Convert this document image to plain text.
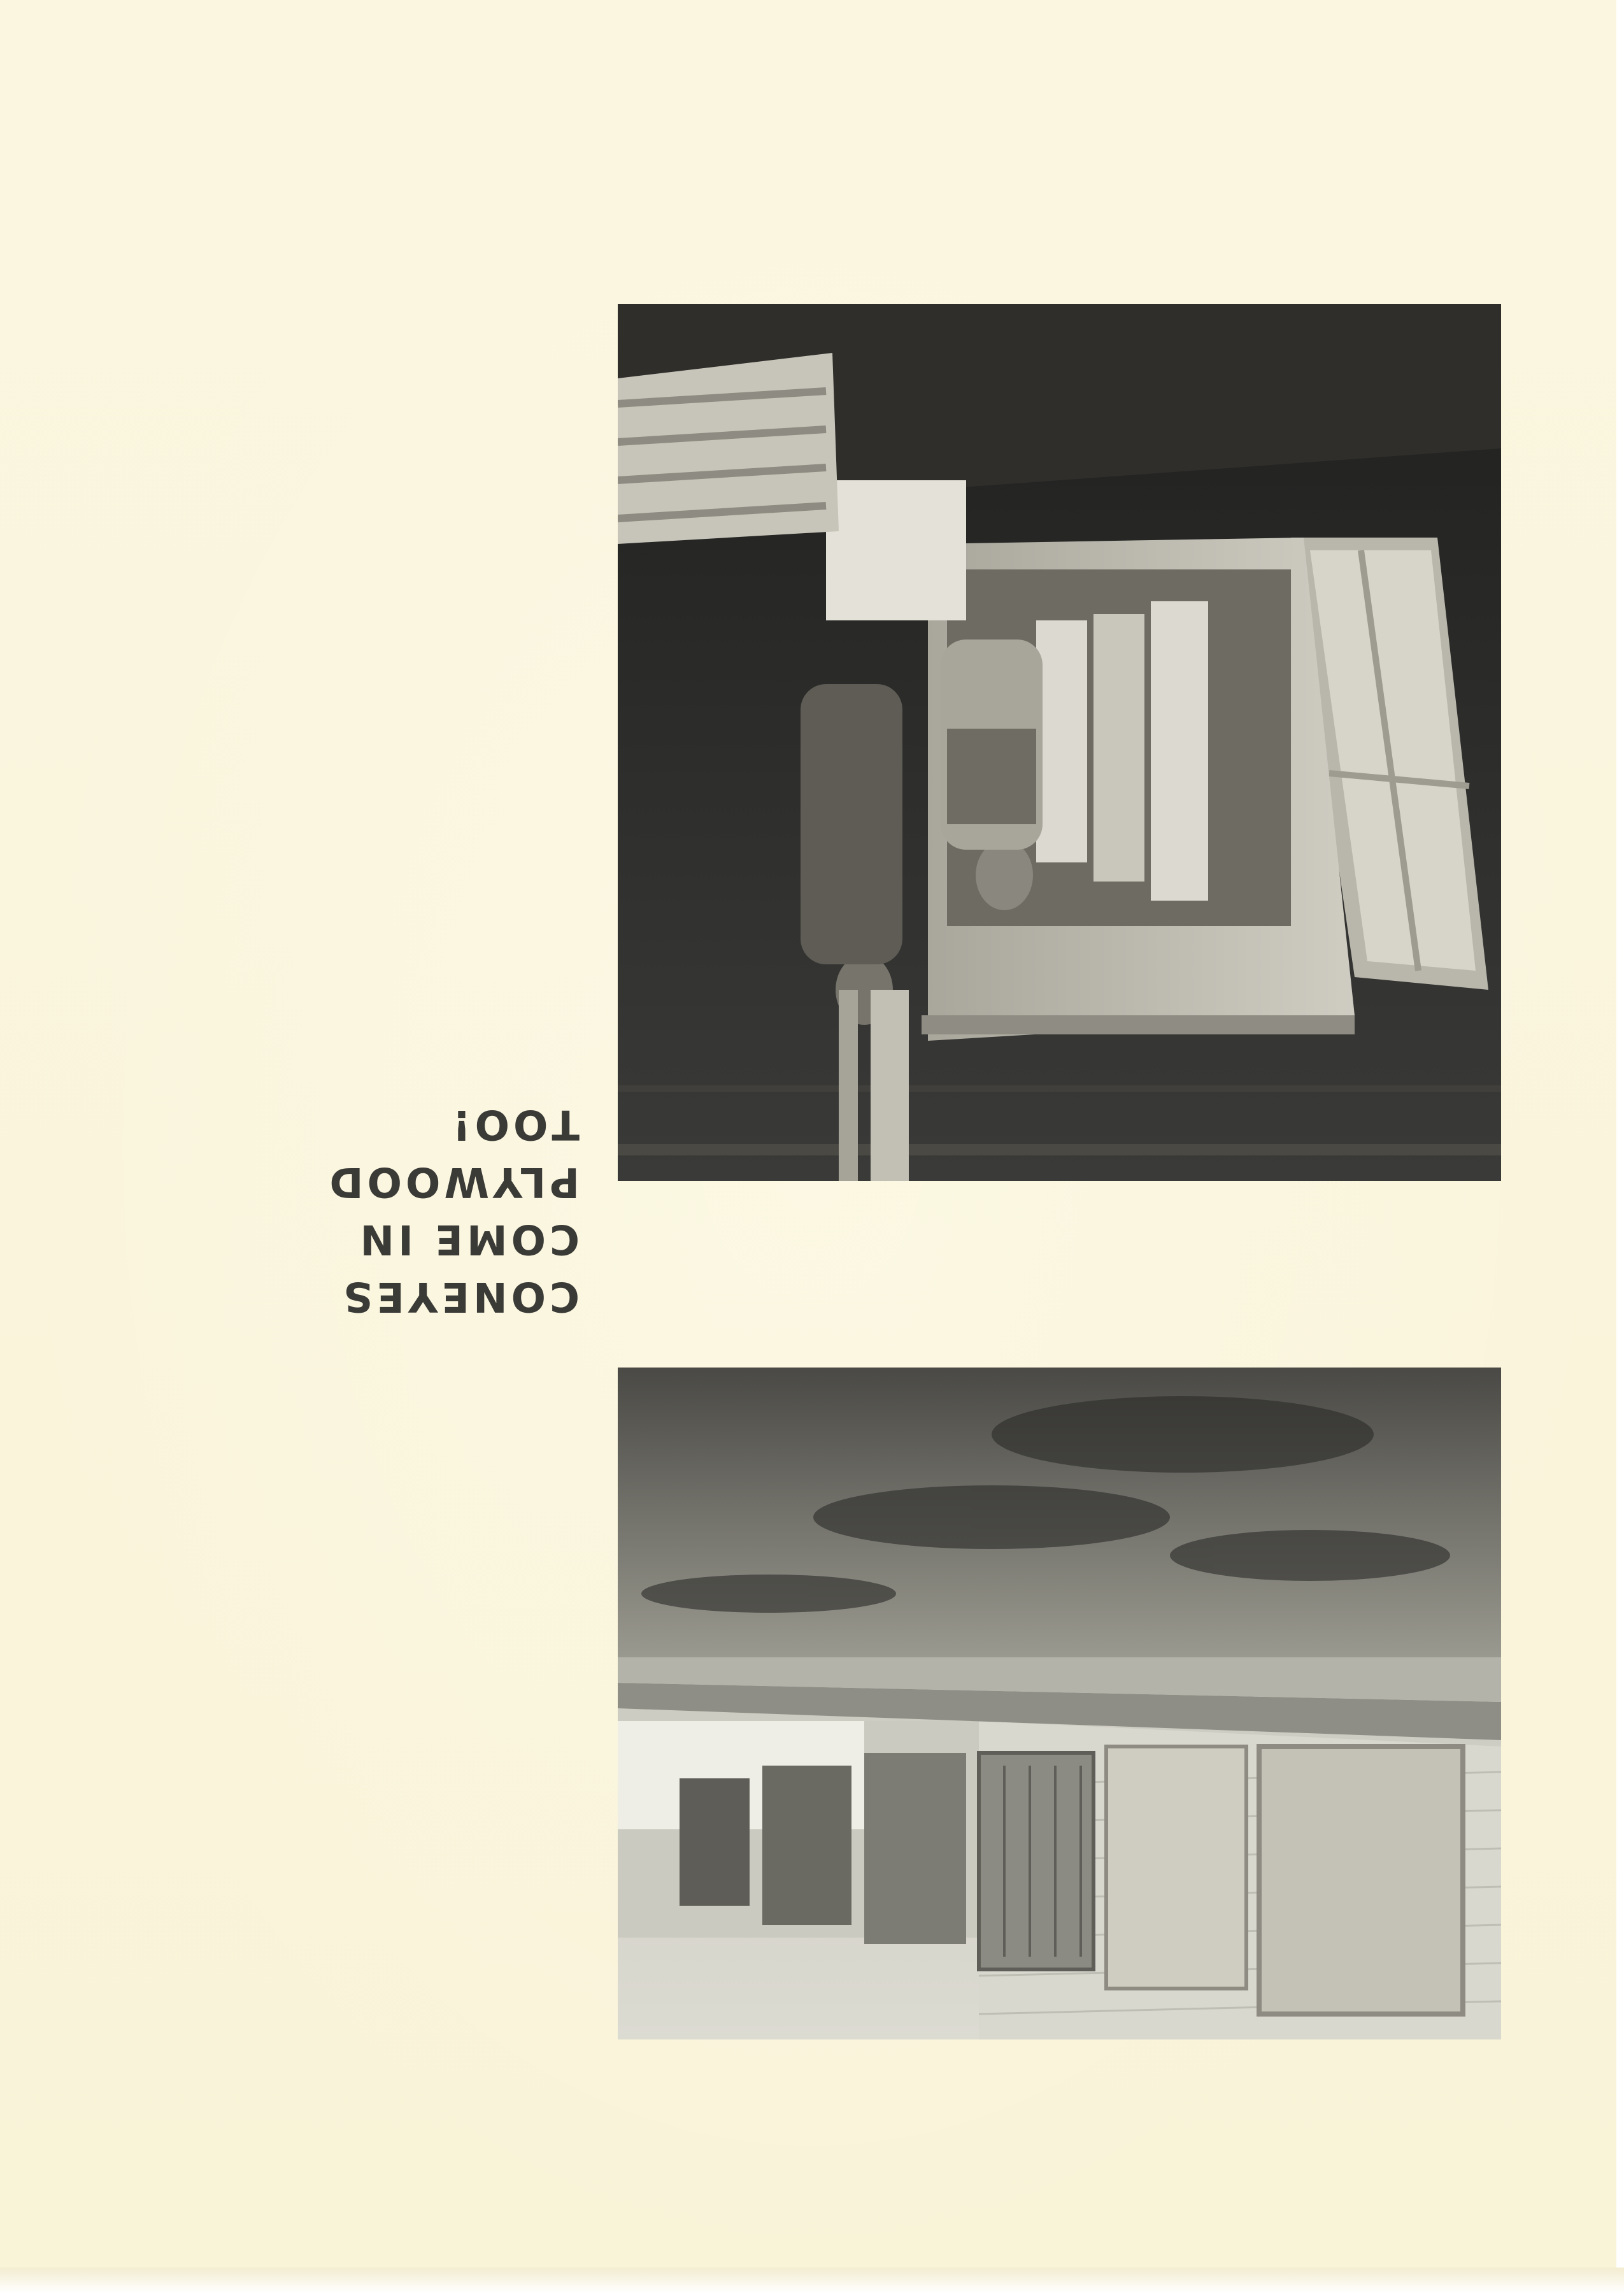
CONEYES
COME IN
PLYWOOD
TOO!
